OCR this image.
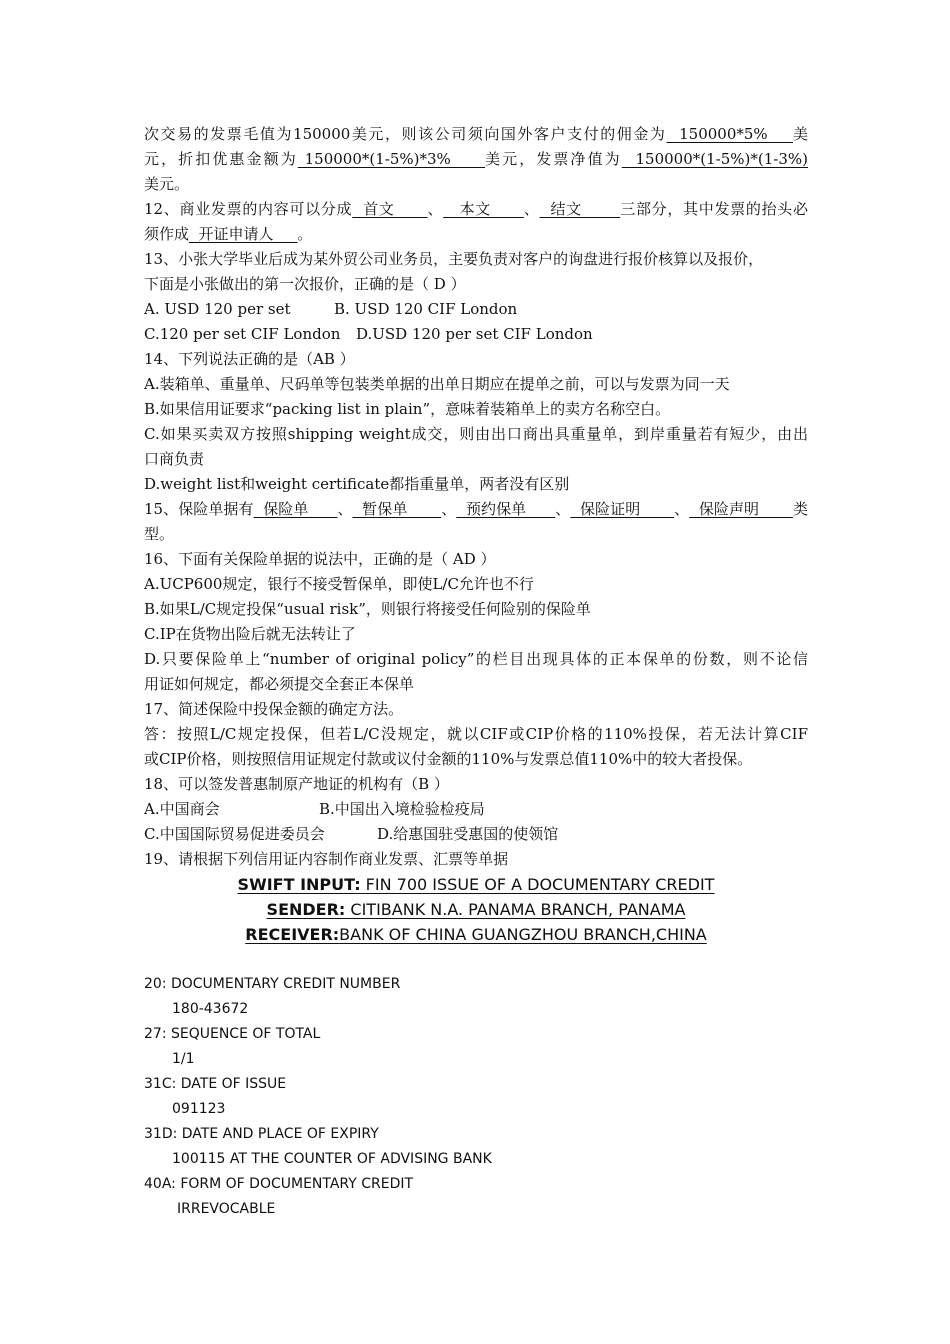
次交易的发票毛值为150000美元，则该公司须向国外客户支付的佣金为  150000*5%    美
元，折扣优惠金额为 150000*(1-5%)*3%     美元，发票净值为  150000*(1-5%)*(1-3%)
美元。
12、商业发票的内容可以分成  首文      、   本文      、  结文       三部分，其中发票的抬头必
须作成  开证申请人     。
13、小张大学毕业后成为某外贸公司业务员，主要负责对客户的询盘进行报价核算以及报价，
下面是小张做出的第一次报价，正确的是（ D ）
A. USD 120 per set	B. USD 120 CIF London
C.120 per set CIF London D.USD 120 per set CIF London
14、下列说法正确的是（AB ）
A.装箱单、重量单、尺码单等包装类单据的出单日期应在提单之前，可以与发票为同一天
B.如果信用证要求“packing list in plain”，意味着装箱单上的卖方名称空白。
C.如果买卖双方按照shipping weight成交，则由出口商出具重量单，到岸重量若有短少，由出
口商负责
D.weight list和weight certificate都指重量单，两者没有区别
15、保险单据有  保险单      、  暂保单       、  预约保单      、  保险证明       、  保险声明       类
型。
16、下面有关保险单据的说法中，正确的是（ AD ）
A.UCP600规定，银行不接受暂保单，即使L/C允许也不行
B.如果L/C规定投保“usual risk”，则银行将接受任何险别的保险单
C.IP在货物出险后就无法转让了
D.只要保险单上“number of original policy”的栏目出现具体的正本保单的份数，则不论信
用证如何规定，都必须提交全套正本保单
17、简述保险中投保金额的确定方法。
答：按照L/C规定投保，但若L/C没规定，就以CIF或CIP价格的110%投保，若无法计算CIF
或CIP价格，则按照信用证规定付款或议付金额的110%与发票总值110%中的较大者投保。
18、可以签发普惠制原产地证的机构有（B ）
A.中国商会	B.中国出入境检验检疫局
C.中国国际贸易促进委员会	D.给惠国驻受惠国的使领馆
19、请根据下列信用证内容制作商业发票、汇票等单据
SWIFT INPUT: FIN 700 ISSUE OF A DOCUMENTARY CREDIT
SENDER: CITIBANK N.A. PANAMA BRANCH, PANAMA
RECEIVER:BANK OF CHINA GUANGZHOU BRANCH,CHINA
20: DOCUMENTARY CREDIT NUMBER
180-43672
27: SEQUENCE OF TOTAL
1/1
31C: DATE OF ISSUE
091123
31D: DATE AND PLACE OF EXPIRY
100115 AT THE COUNTER OF ADVISING BANK
40A: FORM OF DOCUMENTARY CREDIT
IRREVOCABLE
